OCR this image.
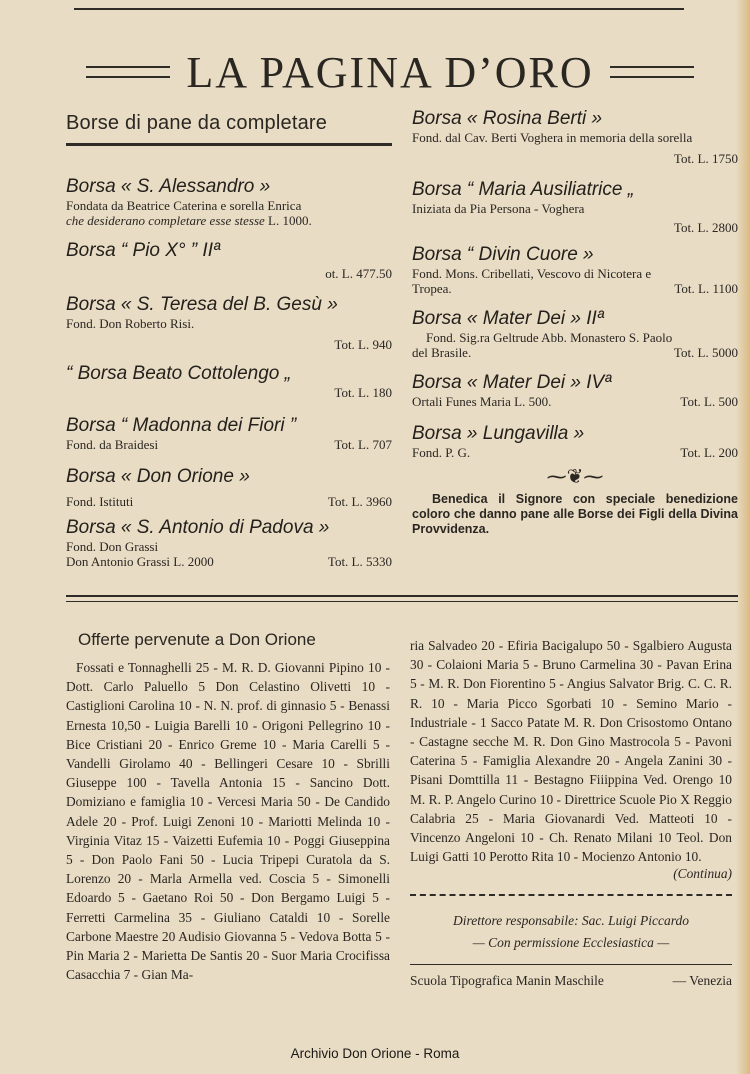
LA PAGINA D’ORO
Borse di pane da completare
Borsa « S. Alessandro »
Fondata da Beatrice Caterina e sorella Enrica
che desiderano completare esse stesse L. 1000.
Borsa “ Pio X° ” IIª
ot. L. 477.50
Borsa « S. Teresa del B. Gesù »
Fond. Don Roberto Risi.
Tot. L. 940
“ Borsa Beato Cottolengo „
Tot. L. 180
Borsa “ Madonna dei Fiori ”
Fond. da Braidesi	Tot. L. 707
Borsa « Don Orione »
Fond. Istituti	Tot. L. 3960
Borsa « S. Antonio di Padova »
Fond. Don Grassi
Don Antonio Grassi L. 2000	Tot. L. 5330
Borsa « Rosina Berti »
Fond. dal Cav. Berti Voghera in memoria della sorella
Tot. L. 1750
Borsa “ Maria Ausiliatrice „
Iniziata da Pia Persona - Voghera
Tot. L. 2800
Borsa “ Divin Cuore »
Fond. Mons. Cribellati, Vescovo di Nicotera e
Tropea.	Tot. L. 1100
Borsa « Mater Dei » IIª
Fond. Sig.ra Geltrude Abb. Monastero S. Paolo
del Brasile.	Tot. L. 5000
Borsa « Mater Dei » IVª
Ortali Funes Maria L. 500.	Tot. L. 500
Borsa » Lungavilla »
Fond. P. G.	Tot. L. 200
⁓❦⁓
Benedica il Signore con speciale benedizione coloro che danno pane alle Borse dei Figli della Divina Provvidenza.
Offerte pervenute a Don Orione

Fossati e Tonnaghelli 25 - M. R. D. Giovanni Pipino 10 - Dott. Carlo Paluello 5 Don Celastino Olivetti 10 - Castiglioni Carolina 10 - N. N. prof. di ginnasio 5 - Benassi Ernesta 10,50 - Luigia Barelli 10 - Origoni Pellegrino 10 - Bice Cristiani 20 - Enrico Greme 10 - Maria Carelli 5 - Vandelli Girolamo 40 - Bellingeri Cesare 10 - Sbrilli Giuseppe 100 - Tavella Antonia 15 - Sancino Dott. Domiziano e famiglia 10 - Vercesi Maria 50 - De Candido Adele 20 - Prof. Luigi Zenoni 10 - Mariotti Melinda 10 - Virginia Vitaz 15 - Vaizetti Eufemia 10 - Poggi Giuseppina 5 - Don Paolo Fani 50 - Lucia Tripepi Curatola da S. Lorenzo 20 - Marla Armella ved. Coscia 5 - Simonelli Edoardo 5 - Gaetano Roi 50 - Don Bergamo Luigi 5 - Ferretti Carmelina 35 - Giuliano Cataldi 10 - Sorelle Carbone Maestre 20 Audisio Giovanna 5 - Vedova Botta 5 - Pin Maria 2 - Marietta De Santis 20 - Suor Maria Crocifissa Casacchia 7 - Gian Ma-

ria Salvadeo 20 - Efiria Bacigalupo 50 - Sgalbiero Augusta 30 - Colaioni Maria 5 - Bruno Carmelina 30 - Pavan Erina 5 - M. R. Don Fiorentino 5 - Angius Salvator Brig. C. C. R. R. 10 - Maria Picco Sgorbati 10 - Semino Mario - Industriale - 1 Sacco Patate M. R. Don Crisostomo Ontano - Castagne secche M. R. Don Gino Mastrocola 5 - Pavoni Caterina 5 - Famiglia Alexandre 20 - Angela Zanini 30 - Pisani Domttilla 11 - Bestagno Fiiippina Ved. Orengo 10 M. R. P. Angelo Curino 10 - Direttrice Scuole Pio X Reggio Calabria 25 - Maria Giovanardi Ved. Matteoti 10 - Vincenzo Angeloni 10 - Ch. Renato Milani 10 Teol. Don Luigi Gatti 10 Perotto Rita 10 - Mocienzo Antonio 10.

(Continua)
Direttore responsabile: Sac. Luigi Piccardo
— Con permissione Ecclesiastica —
Scuola Tipografica Manin Maschile	— Venezia
Archivio Don Orione - Roma
